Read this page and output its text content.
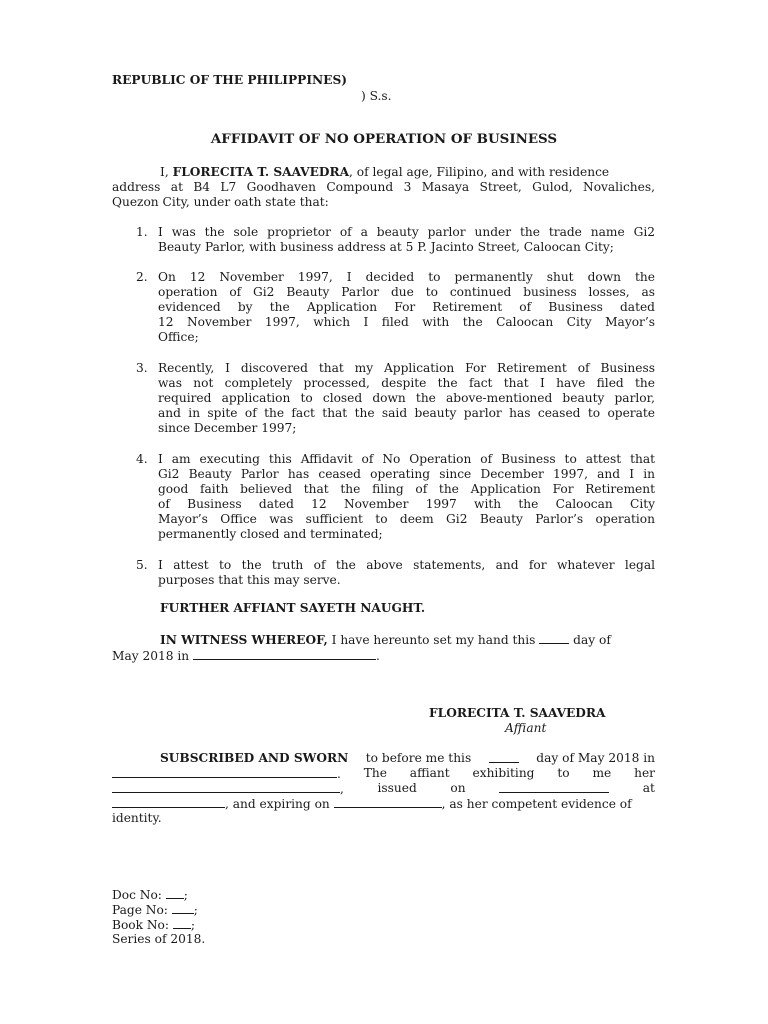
REPUBLIC OF THE PHILIPPINES)
) S.s.
AFFIDAVIT OF NO OPERATION OF BUSINESS
I, FLORECITA T. SAAVEDRA, of legal age, Filipino, and with residence
address at B4 L7 Goodhaven Compound 3 Masaya Street, Gulod, Novaliches,
Quezon City, under oath state that:
1. I was the sole proprietor of a beauty parlor under the trade name Gi2
Beauty Parlor, with business address at 5 P. Jacinto Street, Caloocan City;
2. On 12 November 1997, I decided to permanently shut down the
operation of Gi2 Beauty Parlor due to continued business losses, as
evidenced by the Application For Retirement of Business dated
12 November 1997, which I filed with the Caloocan City Mayor’s
Office;
3. Recently, I discovered that my Application For Retirement of Business
was not completely processed, despite the fact that I have filed the
required application to closed down the above-mentioned beauty parlor,
and in spite of the fact that the said beauty parlor has ceased to operate
since December 1997;
4. I am executing this Affidavit of No Operation of Business to attest that
Gi2 Beauty Parlor has ceased operating since December 1997, and I in
good faith believed that the filing of the Application For Retirement
of Business dated 12 November 1997 with the Caloocan City
Mayor’s Office was sufficient to deem Gi2 Beauty Parlor’s operation
permanently closed and terminated;
5. I attest to the truth of the above statements, and for whatever legal
purposes that this may serve.
FURTHER AFFIANT SAYETH NAUGHT.
IN WITNESS WHEREOF, I have hereunto set my hand this	day of
May 2018 in	.
FLORECITA T. SAAVEDRA
Affiant
SUBSCRIBED AND SWORN to before me this	day of May 2018 in
. The affiant exhibiting to me her
,	issued	on	at
, and expiring on	, as her competent evidence of
identity.
Doc No: ;
Page No: ;
Book No: ;
Series of 2018.
